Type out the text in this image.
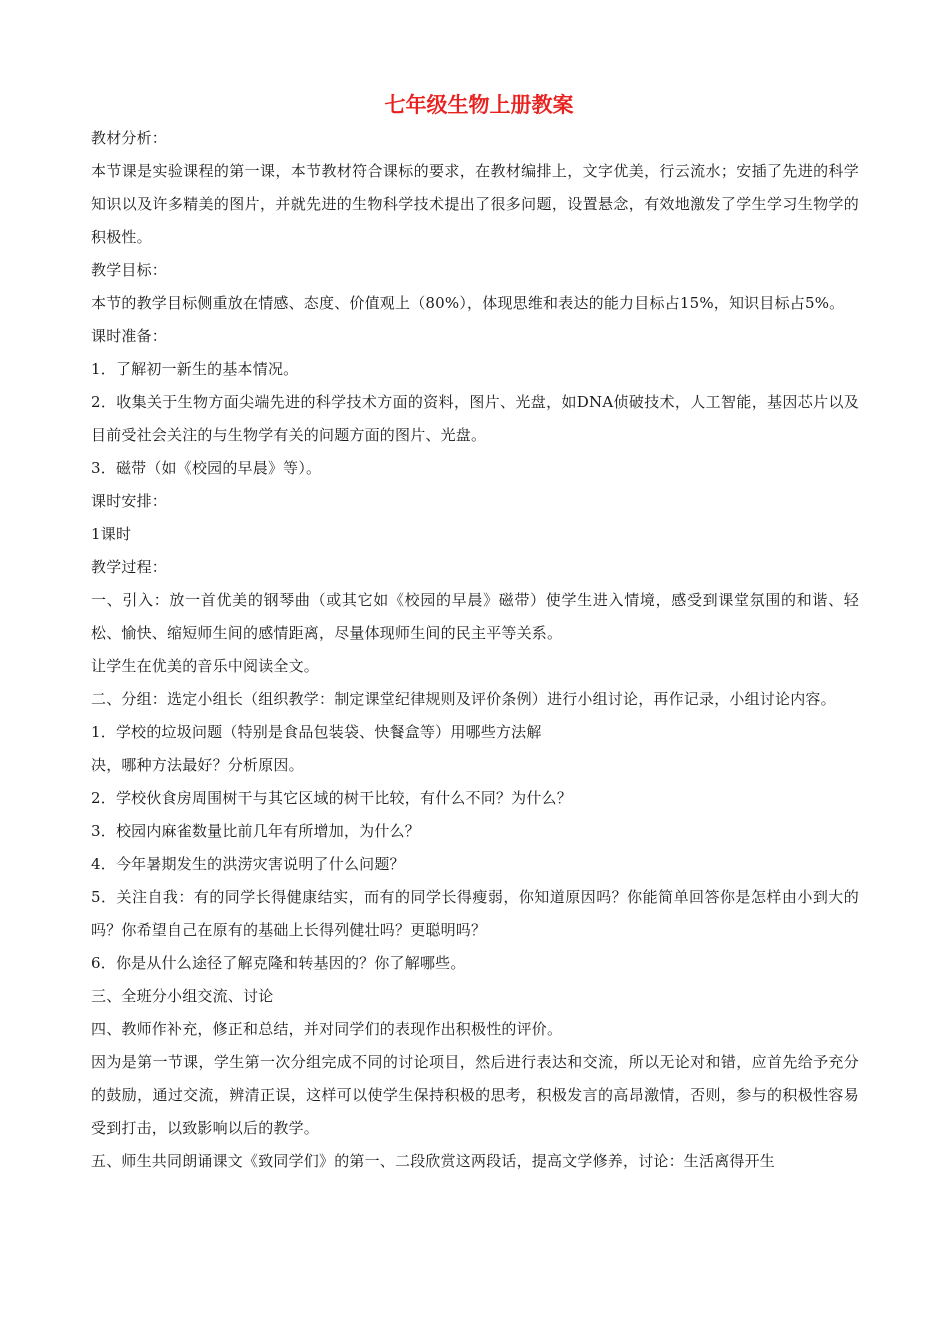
七年级生物上册教案

教材分析：

本节课是实验课程的第一课，本节教材符合课标的要求，在教材编排上，文字优美，行云流水；安插了先进的科学知识以及许多精美的图片，并就先进的生物科学技术提出了很多问题，设置悬念，有效地激发了学生学习生物学的积极性。

教学目标：

本节的教学目标侧重放在情感、态度、价值观上（80%），体现思维和表达的能力目标占15%，知识目标占5%。

课时准备：

1．了解初一新生的基本情况。

2．收集关于生物方面尖端先进的科学技术方面的资料，图片、光盘，如DNA侦破技术，人工智能，基因芯片以及目前受社会关注的与生物学有关的问题方面的图片、光盘。

3．磁带（如《校园的早晨》等）。

课时安排：

1课时

教学过程：

一、引入：放一首优美的钢琴曲（或其它如《校园的早晨》磁带）使学生进入情境，感受到课堂氛围的和谐、轻松、愉快、缩短师生间的感情距离，尽量体现师生间的民主平等关系。

让学生在优美的音乐中阅读全文。

二、分组：选定小组长（组织教学：制定课堂纪律规则及评价条例）进行小组讨论，再作记录，小组讨论内容。

1．学校的垃圾问题（特别是食品包装袋、快餐盒等）用哪些方法解

决，哪种方法最好？分析原因。

2．学校伙食房周围树干与其它区域的树干比较，有什么不同？为什么？

3．校园内麻雀数量比前几年有所增加，为什么？

4．今年暑期发生的洪涝灾害说明了什么问题？

5．关注自我：有的同学长得健康结实，而有的同学长得瘦弱，你知道原因吗？你能简单回答你是怎样由小到大的吗？你希望自己在原有的基础上长得列健壮吗？更聪明吗？

6．你是从什么途径了解克隆和转基因的？你了解哪些。

三、全班分小组交流、讨论

四、教师作补充，修正和总结，并对同学们的表现作出积极性的评价。

因为是第一节课，学生第一次分组完成不同的讨论项目，然后进行表达和交流，所以无论对和错，应首先给予充分的鼓励，通过交流，辨清正误，这样可以使学生保持积极的思考，积极发言的高昂激情，否则，参与的积极性容易受到打击，以致影响以后的教学。

五、师生共同朗诵课文《致同学们》的第一、二段欣赏这两段话，提高文学修养，讨论：生活离得开生
